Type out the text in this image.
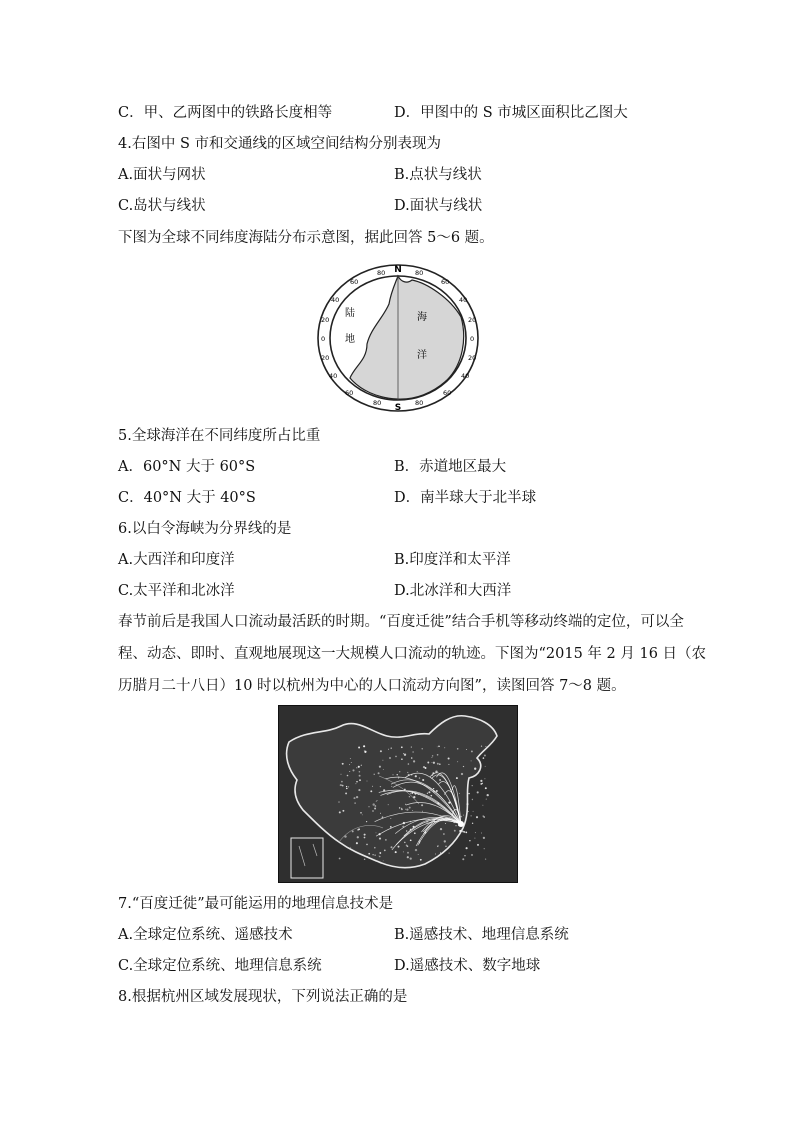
C．甲、乙两图中的铁路长度相等	D．甲图中的 S 市城区面积比乙图大
4.右图中 S 市和交通线的区域空间结构分别表现为
A.面状与网状	B.点状与线状
C.岛状与线状	D.面状与线状
下图为全球不同纬度海陆分布示意图，据此回答 5～6 题。
N
S
80
60
40
20
0
20
40
60
80
80
60
40
20
0
20
40
60
80
陆
地
海
洋
5.全球海洋在不同纬度所占比重
A．60°N 大于 60°S	B．赤道地区最大
C．40°N 大于 40°S	D．南半球大于北半球
6.以白令海峡为分界线的是
A.大西洋和印度洋	B.印度洋和太平洋
C.太平洋和北冰洋	D.北冰洋和大西洋
春节前后是我国人口流动最活跃的时期。“百度迁徙”结合手机等移动终端的定位，可以全
程、动态、即时、直观地展现这一大规模人口流动的轨迹。下图为“2015 年 2 月 16 日（农
历腊月二十八日）10 时以杭州为中心的人口流动方向图”，读图回答 7～8 题。
7.“百度迁徙”最可能运用的地理信息技术是
A.全球定位系统、遥感技术	B.遥感技术、地理信息系统
C.全球定位系统、地理信息系统	D.遥感技术、数字地球
8.根据杭州区域发展现状，下列说法正确的是
